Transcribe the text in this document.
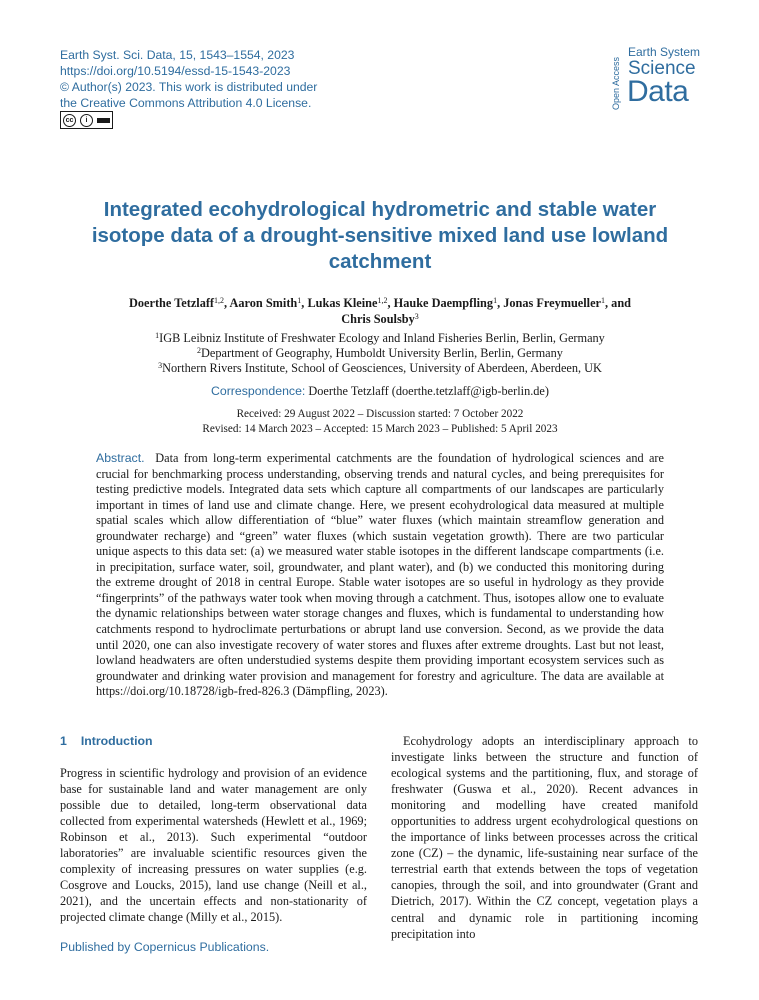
Earth Syst. Sci. Data, 15, 1543–1554, 2023
https://doi.org/10.5194/essd-15-1543-2023
© Author(s) 2023. This work is distributed under
the Creative Commons Attribution 4.0 License.
cc	i
Open Access
Earth System
Science
Data
Integrated ecohydrological hydrometric and stable water isotope data of a drought-sensitive mixed land use lowland catchment
Doerthe Tetzlaff$^{1,2}$, Aaron Smith$^1$, Lukas Kleine$^{1,2}$, Hauke Daempfling$^1$, Jonas Freymueller$^1$, and
Chris Soulsby$^3$
$^1$IGB Leibniz Institute of Freshwater Ecology and Inland Fisheries Berlin, Berlin, Germany
$^2$Department of Geography, Humboldt University Berlin, Berlin, Germany
$^3$Northern Rivers Institute, School of Geosciences, University of Aberdeen, Aberdeen, UK
Correspondence: Doerthe Tetzlaff (doerthe.tetzlaff@igb-berlin.de)
Received: 29 August 2022 – Discussion started: 7 October 2022
Revised: 14 March 2023 – Accepted: 15 March 2023 – Published: 5 April 2023

Abstract. Data from long-term experimental catchments are the foundation of hydrological sciences and are crucial for benchmarking process understanding, observing trends and natural cycles, and being prerequisites for testing predictive models. Integrated data sets which capture all compartments of our landscapes are particularly important in times of land use and climate change. Here, we present ecohydrological data measured at multiple spatial scales which allow differentiation of “blue” water fluxes (which maintain streamflow generation and groundwater recharge) and “green” water fluxes (which sustain vegetation growth). There are two particular unique aspects to this data set: (a) we measured water stable isotopes in the different landscape compartments (i.e. in precipitation, surface water, soil, groundwater, and plant water), and (b) we conducted this monitoring during the extreme drought of 2018 in central Europe. Stable water isotopes are so useful in hydrology as they provide “fingerprints” of the pathways water took when moving through a catchment. Thus, isotopes allow one to evaluate the dynamic relationships between water storage changes and fluxes, which is fundamental to understanding how catchments respond to hydroclimate perturbations or abrupt land use conversion. Second, as we provide the data until 2020, one can also investigate recovery of water stores and fluxes after extreme droughts. Last but not least, lowland headwaters are often understudied systems despite them providing important ecosystem services such as groundwater and drinking water provision and management for forestry and agriculture. The data are available at https://doi.org/10.18728/igb-fred-826.3 (Dämpfling, 2023).

1 Introduction

Progress in scientific hydrology and provision of an evidence base for sustainable land and water management are only possible due to detailed, long-term observational data collected from experimental watersheds (Hewlett et al., 1969; Robinson et al., 2013). Such experimental “outdoor laboratories” are invaluable scientific resources given the complexity of increasing pressures on water supplies (e.g. Cosgrove and Loucks, 2015), land use change (Neill et al., 2021), and the uncertain effects and non-stationarity of projected climate change (Milly et al., 2015).

Ecohydrology adopts an interdisciplinary approach to investigate links between the structure and function of ecological systems and the partitioning, flux, and storage of freshwater (Guswa et al., 2020). Recent advances in monitoring and modelling have created manifold opportunities to address urgent ecohydrological questions on the importance of links between processes across the critical zone (CZ) – the dynamic, life-sustaining near surface of the terrestrial earth that extends between the tops of vegetation canopies, through the soil, and into groundwater (Grant and Dietrich, 2017). Within the CZ concept, vegetation plays a central and dynamic role in partitioning incoming precipitation into

Published by Copernicus Publications.
